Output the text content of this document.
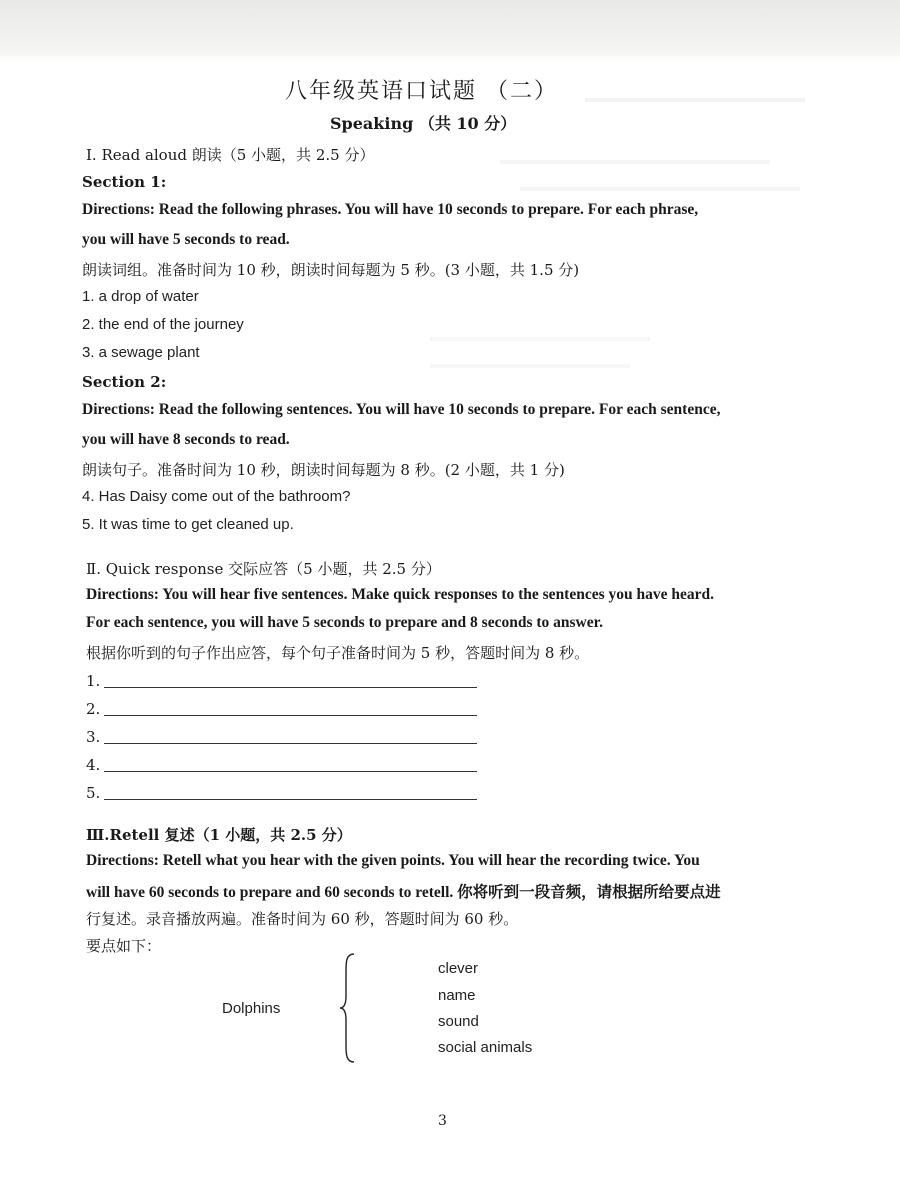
八年级英语口试题 （二）
Speaking （共 10 分）
Ⅰ. Read aloud 朗读（5 小题，共 2.5 分）
Section 1:
Directions: Read the following phrases. You will have 10 seconds to prepare. For each phrase,
you will have 5 seconds to read.
朗读词组。准备时间为 10 秒，朗读时间每题为 5 秒。(3 小题，共 1.5 分)
1. a drop of water
2. the end of the journey
3. a sewage plant
Section 2:
Directions: Read the following sentences. You will have 10 seconds to prepare. For each sentence,
you will have 8 seconds to read.
朗读句子。准备时间为 10 秒，朗读时间每题为 8 秒。(2 小题，共 1 分)
4. Has Daisy come out of the bathroom?
5. It was time to get cleaned up.
Ⅱ. Quick response 交际应答（5 小题，共 2.5 分）
Directions: You will hear five sentences. Make quick responses to the sentences you have heard.
For each sentence, you will have 5 seconds to prepare and 8 seconds to answer.
根据你听到的句子作出应答，每个句子准备时间为 5 秒，答题时间为 8 秒。
1.
2.
3.
4.
5.
Ⅲ.Retell 复述（1 小题，共 2.5 分）
Directions: Retell what you hear with the given points. You will hear the recording twice. You
will have 60 seconds to prepare and 60 seconds to retell. 你将听到一段音频，请根据所给要点进
行复述。录音播放两遍。准备时间为 60 秒，答题时间为 60 秒。
要点如下：
Dolphins
clever
name
sound
social animals
3
